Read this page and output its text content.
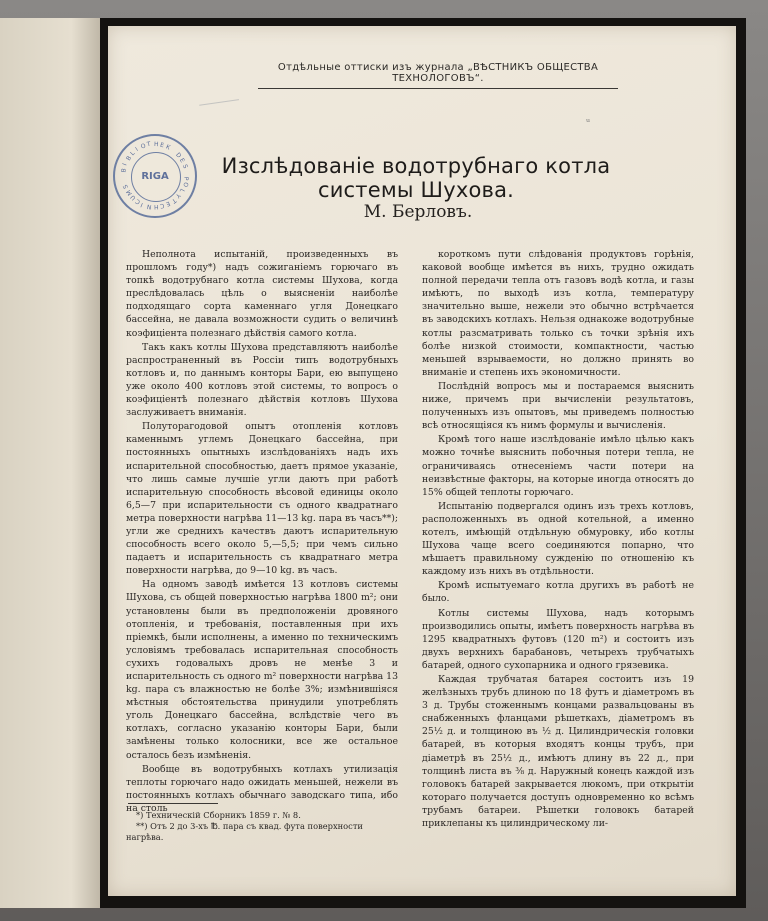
ᵤ
Отдѣльные оттиски изъ журнала „ВѢСТНИКЪ ОБЩЕСТВА ТЕХНОЛОГОВЪ“.
RIGA
B
I
B
L
I O T H E K
D
E
S
P
O
L
Y
T
E
C
H
N
I
C
U
M
S
Изслѣдованіе водотрубнаго котла системы Шухова.
М. Берловъ.

Неполнота испытаній, произведенныхъ въ прошломъ году*) надъ сожиганіемъ горючаго въ топкѣ водотрубнаго котла системы Шухова, когда преслѣдовалась цѣль о выясненіи наиболѣе подходящаго сорта каменнаго угля Донецкаго бассейна, не давала возможности судить о величинѣ коэфиціента полезнаго дѣйствія самого котла.

Такъ какъ котлы Шухова представляютъ наиболѣе распространенный въ Россіи типъ водотрубныхъ котловъ и, по даннымъ конторы Бари, ею выпущено уже около 400 котловъ этой системы, то вопросъ о коэфиціентѣ полезнаго дѣйствія котловъ Шухова заслуживаетъ вниманія.

Полуторагодовой опытъ отопленія котловъ каменнымъ углемъ Донецкаго бассейна, при постоянныхъ опытныхъ изслѣдованіяхъ надъ ихъ испарительной способностью, даетъ прямое указаніе, что лишь самые лучшіе угли даютъ при работѣ испарительную способность вѣсовой единицы около 6,5—7 при испарительности съ одного квадратнаго метра поверхности нагрѣва 11—13 kg. пара въ часъ**); угли же среднихъ качествъ даютъ испарительную способность всего около 5,—5,5; при чемъ сильно падаетъ и испарительность съ квадратнаго метра поверхности нагрѣва, до 9—10 kg. въ часъ.

На одномъ заводѣ имѣется 13 котловъ системы Шухова, съ общей поверхностью нагрѣва 1800 m²; они установлены были въ предположеніи дровяного отопленія, и требованія, поставленныя при ихъ пріемкѣ, были исполнены, а именно по техническимъ условіямъ требовалась испарительная способность сухихъ годовалыхъ дровъ не менѣе 3 и испарительность съ одного m² поверхности нагрѣва 13 kg. пара съ влажностью не болѣе 3%; измѣнившіяся мѣстныя обстоятельства принудили употреблять уголь Донецкаго бассейна, вслѣдствіе чего въ котлахъ, согласно указанію конторы Бари, были замѣнены только колосники, все же остальное осталось безъ измѣненія.

Вообще въ водотрубныхъ котлахъ утилизація теплоты горючаго надо ожидать меньшей, нежели въ постоянныхъ котлахъ обычнаго заводскаго типа, ибо на столь

*) Техническій Сборникъ 1859 г. № 8.

**) Отъ 2 до 3-хъ ℔. пара съ квад. фута поверхности нагрѣва.

короткомъ пути слѣдованія продуктовъ горѣнія, каковой вообще имѣется въ нихъ, трудно ожидать полной передачи тепла отъ газовъ водѣ котла, и газы имѣютъ, по выходѣ изъ котла, температуру значительно выше, нежели это обычно встрѣчается въ заводскихъ котлахъ. Нельзя однакоже водотрубные котлы разсматривать только съ точки зрѣнія ихъ болѣе низкой стоимости, компактности, частью меньшей взрываемости, но должно принять во вниманіе и степень ихъ экономичности.

Послѣдній вопросъ мы и постараемся выяснить ниже, причемъ при вычисленіи результатовъ, полученныхъ изъ опытовъ, мы приведемъ полностью всѣ относящіяся къ нимъ формулы и вычисленія.

Кромѣ того наше изслѣдованіе имѣло цѣлью какъ можно точнѣе выяснить побочныя потери тепла, не ограничиваясь отнесеніемъ части потери на неизвѣстные факторы, на которые иногда относятъ до 15% общей теплоты горючаго.

Испытанію подвергался одинъ изъ трехъ котловъ, расположенныхъ въ одной котельной, а именно котелъ, имѣющій отдѣльную обмуровку, ибо котлы Шухова чаще всего соединяются попарно, что мѣшаетъ правильному сужденію по отношенію къ каждому изъ нихъ въ отдѣльности.

Кромѣ испытуемаго котла другихъ въ работѣ не было.

Котлы системы Шухова, надъ которымъ производились опыты, имѣетъ поверхность нагрѣва въ 1295 квадратныхъ футовъ (120 m²) и состоитъ изъ двухъ верхнихъ барабановъ, четырехъ трубчатыхъ батарей, одного сухопарника и одного грязевика.

Каждая трубчатая батарея состоитъ изъ 19 желѣзныхъ трубъ длиною по 18 футъ и діаметромъ въ 3 д. Трубы стоженнымъ концами развальцованы въ снабженныхъ фланцами рѣшеткахъ, діаметромъ въ 25½ д. и толщиною въ ½ д. Цилиндрическія головки батарей, въ которыя входятъ концы трубъ, при діаметрѣ въ 25½ д., имѣютъ длину въ 22 д., при толщинѣ листа въ ⅜ д. Наружный конецъ каждой изъ головокъ батарей закрывается люкомъ, при открытіи котораго получается доступъ одновременно ко всѣмъ трубамъ батареи. Рѣшетки головокъ батарей приклепаны къ цилиндрическому ли-
